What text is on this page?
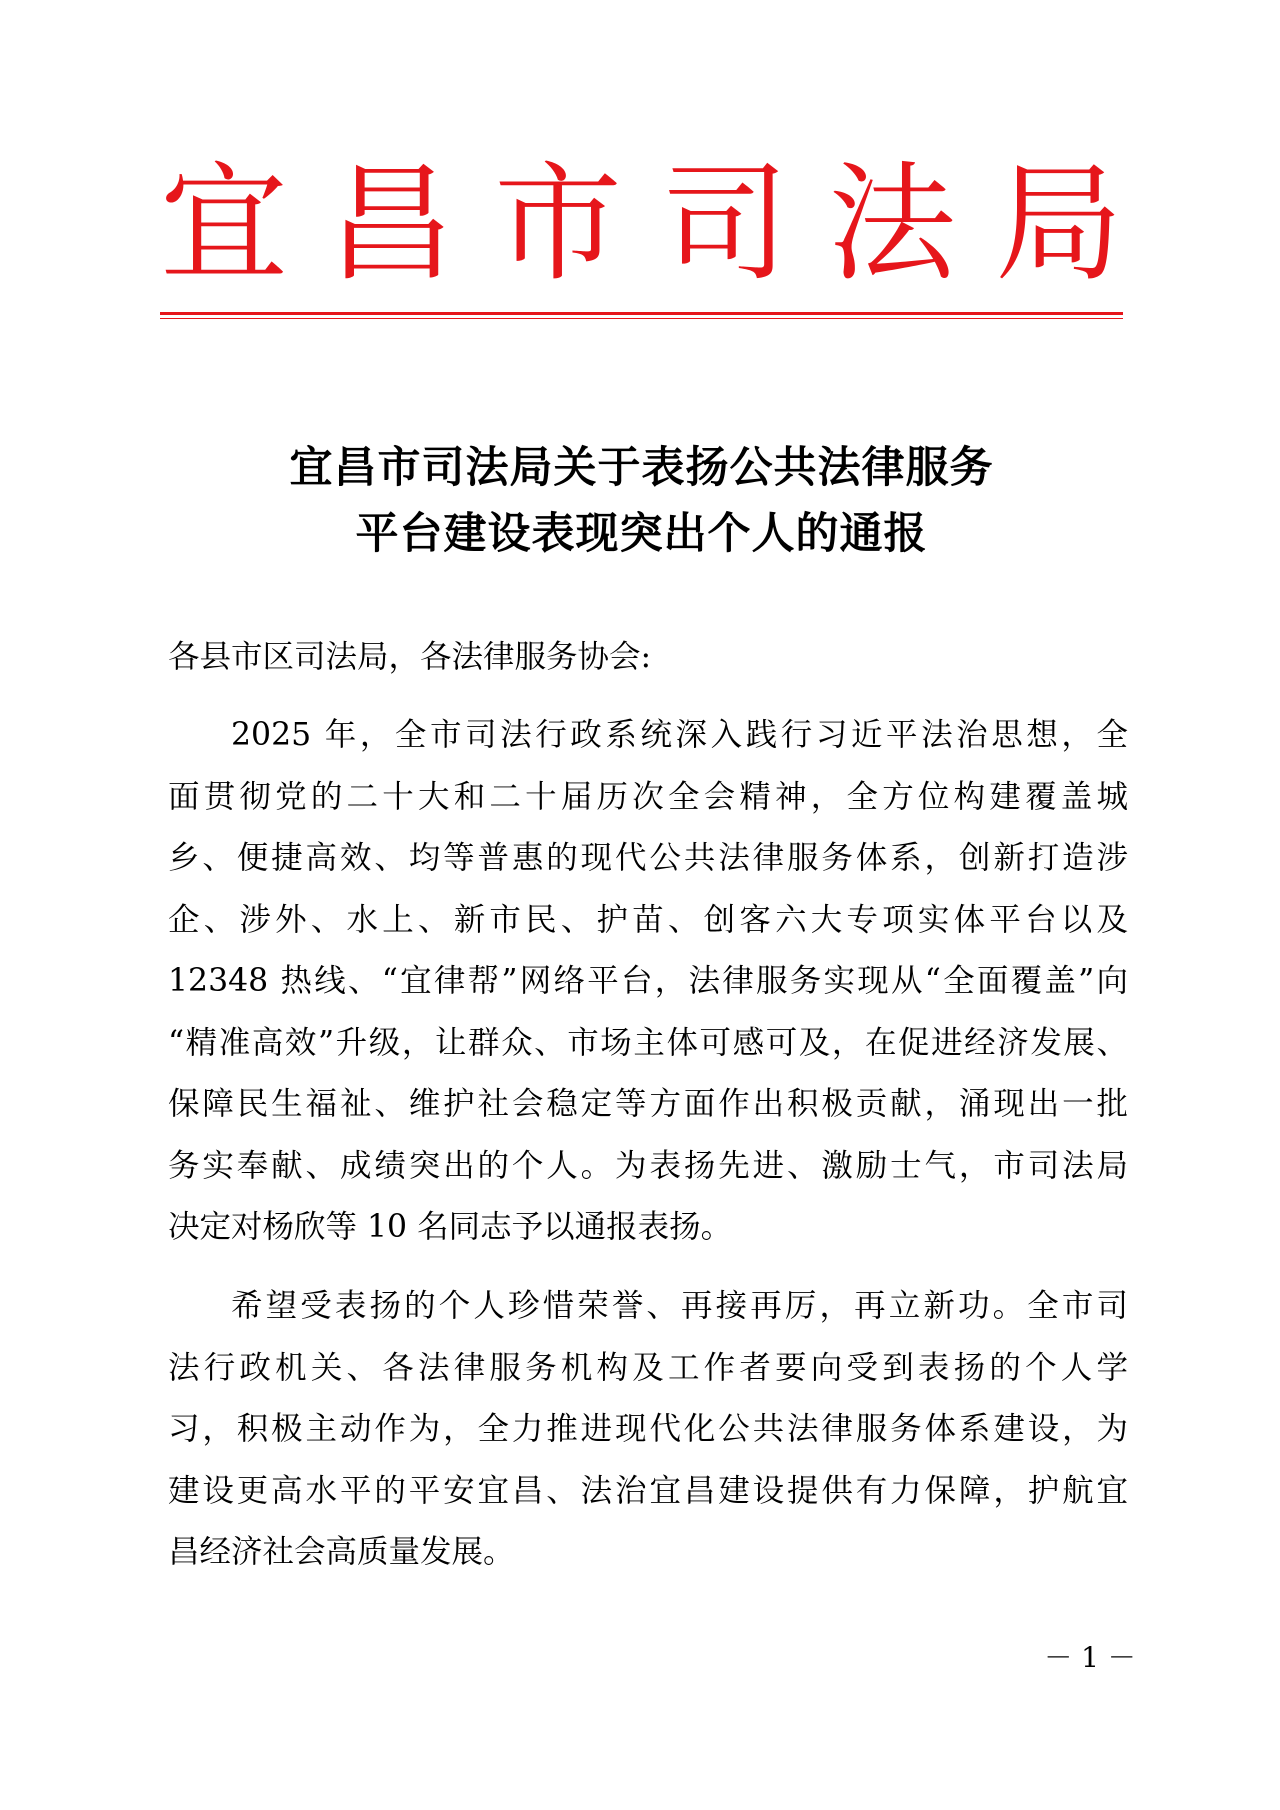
宜 昌 市 司 法 局
宜昌市司法局关于表扬公共法律服务
平台建设表现突出个人的通报
各县市区司法局，各法律服务协会:
2025 年，全市司法行政系统深入践行习近平法治思想，全
面贯彻党的二十大和二十届历次全会精神，全方位构建覆盖城
乡、便捷高效、均等普惠的现代公共法律服务体系，创新打造涉
企、涉外、水上、新市民、护苗、创客六大专项实体平台以及
12348 热线、“宜律帮”网络平台，法律服务实现从“全面覆盖”向
“精准高效”升级，让群众、市场主体可感可及，在促进经济发展、
保障民生福祉、维护社会稳定等方面作出积极贡献，涌现出一批
务实奉献、成绩突出的个人。为表扬先进、激励士气，市司法局
决定对杨欣等 10 名同志予以通报表扬。
希望受表扬的个人珍惜荣誉、再接再厉，再立新功。全市司
法行政机关、各法律服务机构及工作者要向受到表扬的个人学
习，积极主动作为，全力推进现代化公共法律服务体系建设，为
建设更高水平的平安宜昌、法治宜昌建设提供有力保障，护航宜
昌经济社会高质量发展。
－ 1 －
